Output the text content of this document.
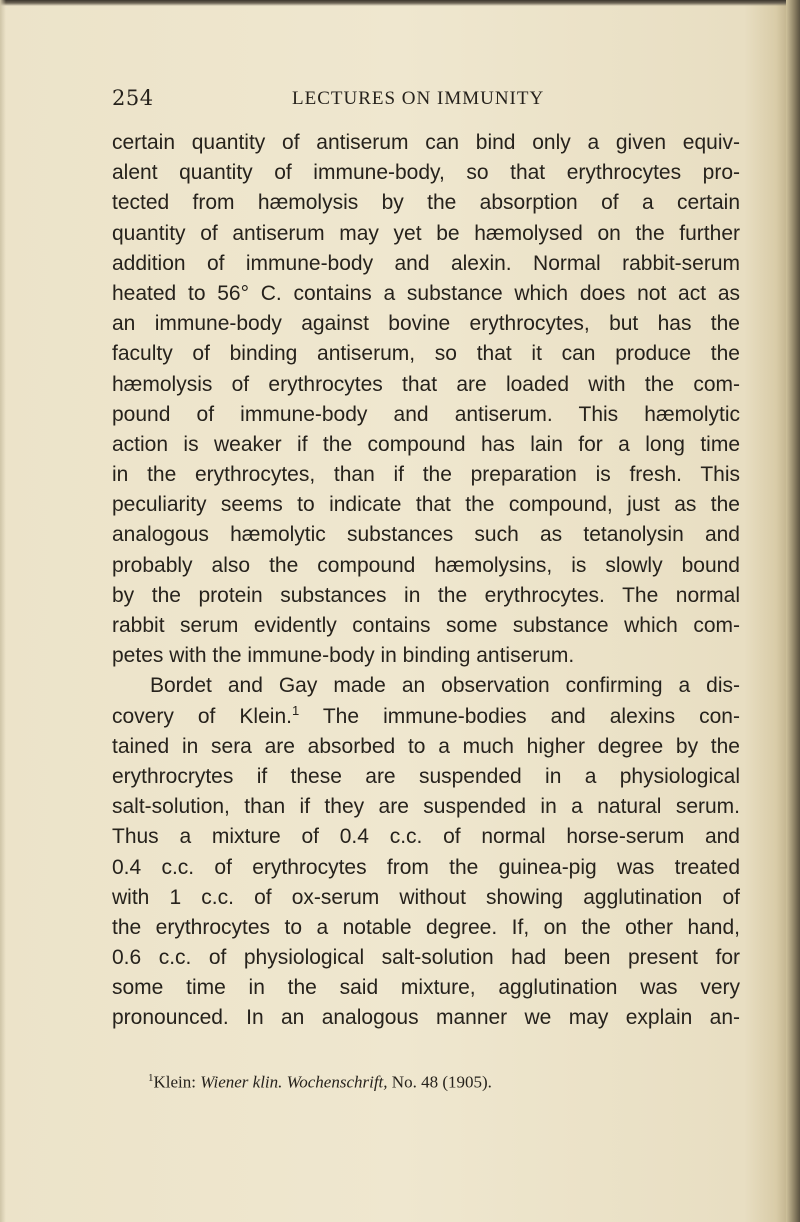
254	LECTURES ON IMMUNITY
certain quantity of antiserum can bind only a given equiv-
alent quantity of immune-body, so that erythrocytes pro-
tected from hæmolysis by the absorption of a certain
quantity of antiserum may yet be hæmolysed on the further
addition of immune-body and alexin. Normal rabbit-serum
heated to 56° C. contains a substance which does not act as
an immune-body against bovine erythrocytes, but has the
faculty of binding antiserum, so that it can produce the
hæmolysis of erythrocytes that are loaded with the com-
pound of immune-body and antiserum. This hæmolytic
action is weaker if the compound has lain for a long time
in the erythrocytes, than if the preparation is fresh. This
peculiarity seems to indicate that the compound, just as the
analogous hæmolytic substances such as tetanolysin and
probably also the compound hæmolysins, is slowly bound
by the protein substances in the erythrocytes. The normal
rabbit serum evidently contains some substance which com-
petes with the immune-body in binding antiserum.
Bordet and Gay made an observation confirming a dis-
covery of Klein.$^1$ The immune-bodies and alexins con-
tained in sera are absorbed to a much higher degree by the
erythrocrytes if these are suspended in a physiological
salt-solution, than if they are suspended in a natural serum.
Thus a mixture of 0.4 c.c. of normal horse-serum and
0.4 c.c. of erythrocytes from the guinea-pig was treated
with 1 c.c. of ox-serum without showing agglutination of
the erythrocytes to a notable degree. If, on the other hand,
0.6 c.c. of physiological salt-solution had been present for
some time in the said mixture, agglutination was very
pronounced. In an analogous manner we may explain an-
$^1$Klein: Wiener klin. Wochenschrift, No. 48 (1905).
